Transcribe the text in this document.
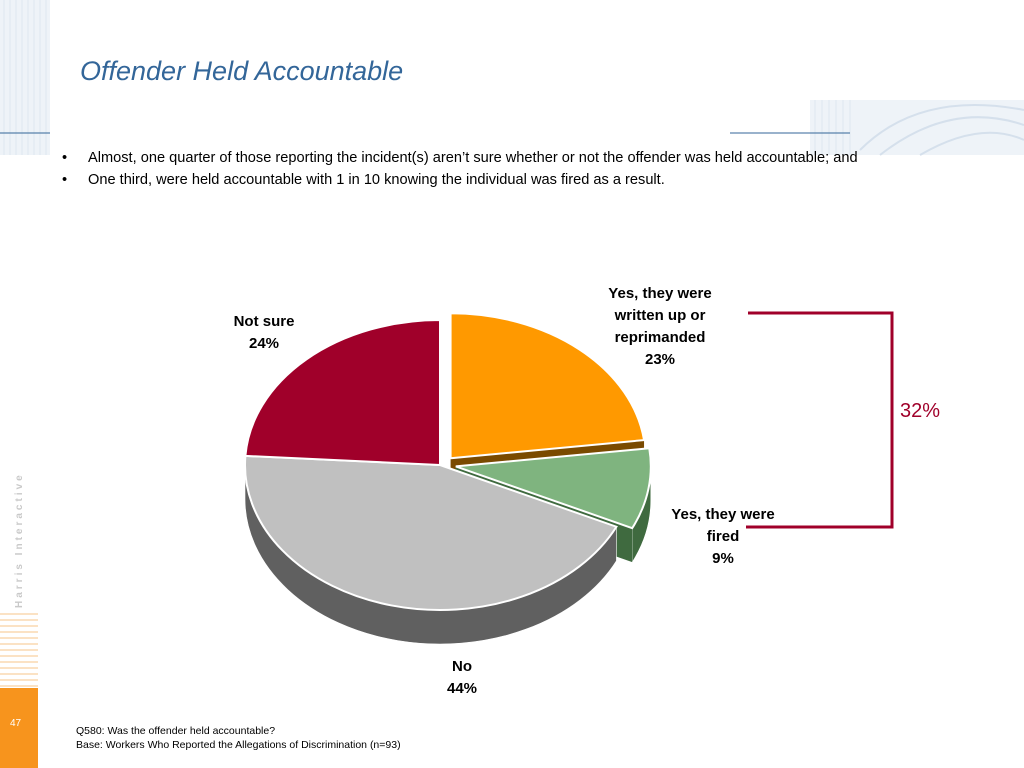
Harris Interactive
Offender Held Accountable
• Almost, one quarter of those reporting the incident(s) aren’t sure whether or not the offender was held accountable; and
• One third, were held accountable with 1 in 10 knowing the individual was fired as a result.
Yes, they were
written up or
reprimanded
23%
Yes, they were
fired
9%
No
44%
Not sure
24%
32%
Q580: Was the offender held accountable?
Base: Workers Who Reported the Allegations of Discrimination (n=93)
47
